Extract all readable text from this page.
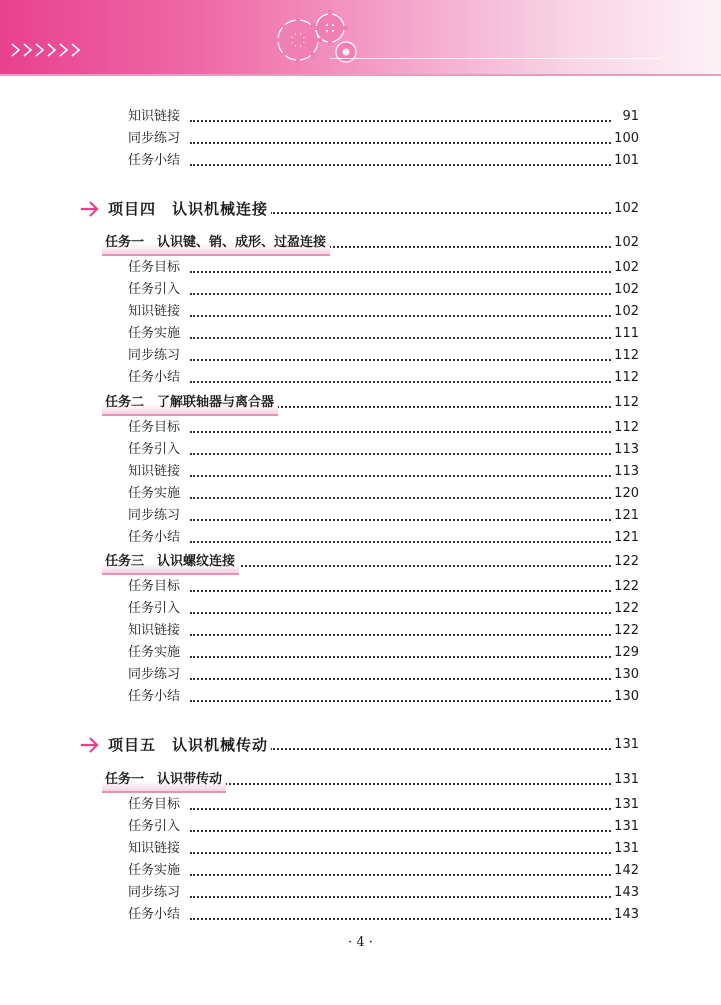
知识链接	91
同步练习	100
任务小结	101
项目四　认识机械连接	102
任务一　认识键、销、成形、过盈连接	102
任务目标	102
任务引入	102
知识链接	102
任务实施	111
同步练习	112
任务小结	112
任务二　了解联轴器与离合器	112
任务目标	112
任务引入	113
知识链接	113
任务实施	120
同步练习	121
任务小结	121
任务三　认识螺纹连接	122
任务目标	122
任务引入	122
知识链接	122
任务实施	129
同步练习	130
任务小结	130
项目五　认识机械传动	131
任务一　认识带传动	131
任务目标	131
任务引入	131
知识链接	131
任务实施	142
同步练习	143
任务小结	143
· 4 ·
